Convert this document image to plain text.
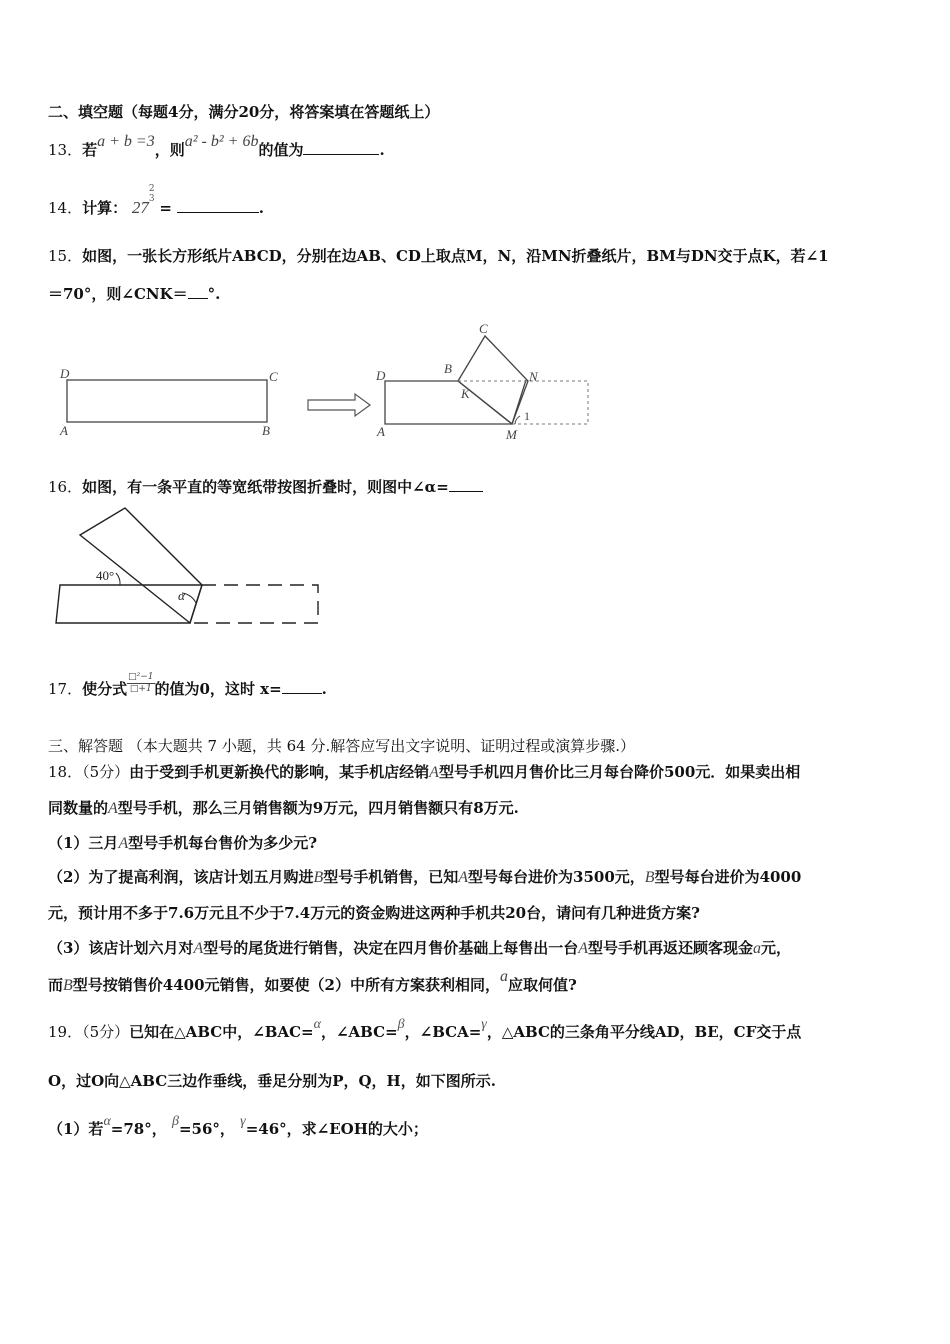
二、填空题（每题4分，满分20分，将答案填在答题纸上）
13．若a + b =3，则a² - b² + 6b的值为	.
14．计算： 27
2
3 =	.
15．如图，一张长方形纸片ABCD，分别在边AB、CD上取点M，N，沿MN折叠纸片，BM与DN交于点K，若∠1
＝70°，则∠CNK＝ °.
D	C
A	B
C
B
D	N
K
1
A	M
16．如图，有一条平直的等宽纸带按图折叠时，则图中∠α=
40°
α
17．使分式 $\frac{\text{□²−1}}{□+1}$ 的值为0，这时 x=	.
三、解答题 （本大题共 7 小题，共 64 分.解答应写出文字说明、证明过程或演算步骤.）
18．（5分）由于受到手机更新换代的影响，某手机店经销A型号手机四月售价比三月每台降价500元．如果卖出相
同数量的A型号手机，那么三月销售额为9万元，四月销售额只有8万元.
（1）三月A型号手机每台售价为多少元?
（2）为了提高利润，该店计划五月购进B型号手机销售，已知A型号每台进价为3500元，B型号每台进价为4000
元，预计用不多于7.6万元且不少于7.4万元的资金购进这两种手机共20台，请问有几种进货方案?
（3）该店计划六月对A型号的尾货进行销售，决定在四月售价基础上每售出一台A型号手机再返还顾客现金a元，
而B型号按销售价4400元销售，如要使（2）中所有方案获利相同，a应取何值?
19．（5分）已知在△ABC中，∠BAC=α，∠ABC=β，∠BCA=γ，△ABC的三条角平分线AD，BE，CF交于点
O，过O向△ABC三边作垂线，垂足分别为P，Q，H，如下图所示.
（1）若α=78°， β=56°， γ=46°，求∠EOH的大小；
